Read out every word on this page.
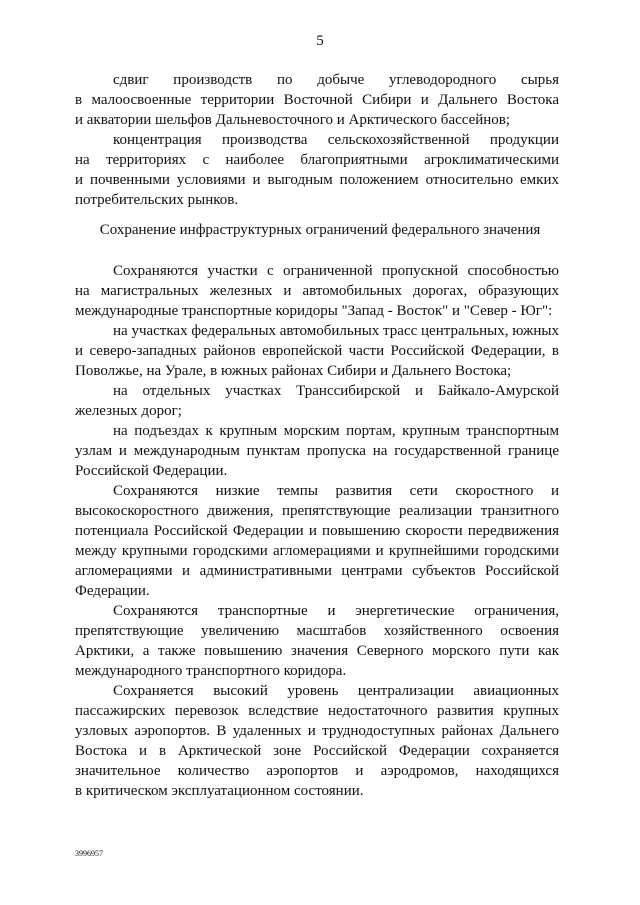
5
сдвиг производств по добыче углеводородного сырья
в малоосвоенные территории Восточной Сибири и Дальнего Востока
и акватории шельфов Дальневосточного и Арктического бассейнов;
концентрация производства сельскохозяйственной продукции
на территориях с наиболее благоприятными агроклиматическими
и почвенными условиями и выгодным положением относительно емких
потребительских рынков.
Сохранение инфраструктурных ограничений федерального значения
Сохраняются участки с ограниченной пропускной способностью
на магистральных железных и автомобильных дорогах, образующих
международные транспортные коридоры "Запад - Восток" и "Север - Юг":
на участках федеральных автомобильных трасс центральных, южных
и северо-западных районов европейской части Российской Федерации, в
Поволжье, на Урале, в южных районах Сибири и Дальнего Востока;
на отдельных участках Транссибирской и Байкало-Амурской
железных дорог;
на подъездах к крупным морским портам, крупным транспортным
узлам и международным пунктам пропуска на государственной границе
Российской Федерации.
Сохраняются низкие темпы развития сети скоростного и
высокоскоростного движения, препятствующие реализации транзитного
потенциала Российской Федерации и повышению скорости передвижения
между крупными городскими агломерациями и крупнейшими городскими
агломерациями и административными центрами субъектов Российской
Федерации.
Сохраняются транспортные и энергетические ограничения,
препятствующие увеличению масштабов хозяйственного освоения
Арктики, а также повышению значения Северного морского пути как
международного транспортного коридора.
Сохраняется высокий уровень централизации авиационных
пассажирских перевозок вследствие недостаточного развития крупных
узловых аэропортов. В удаленных и труднодоступных районах Дальнего
Востока и в Арктической зоне Российской Федерации сохраняется
значительное количество аэропортов и аэродромов, находящихся
в критическом эксплуатационном состоянии.
3996957
